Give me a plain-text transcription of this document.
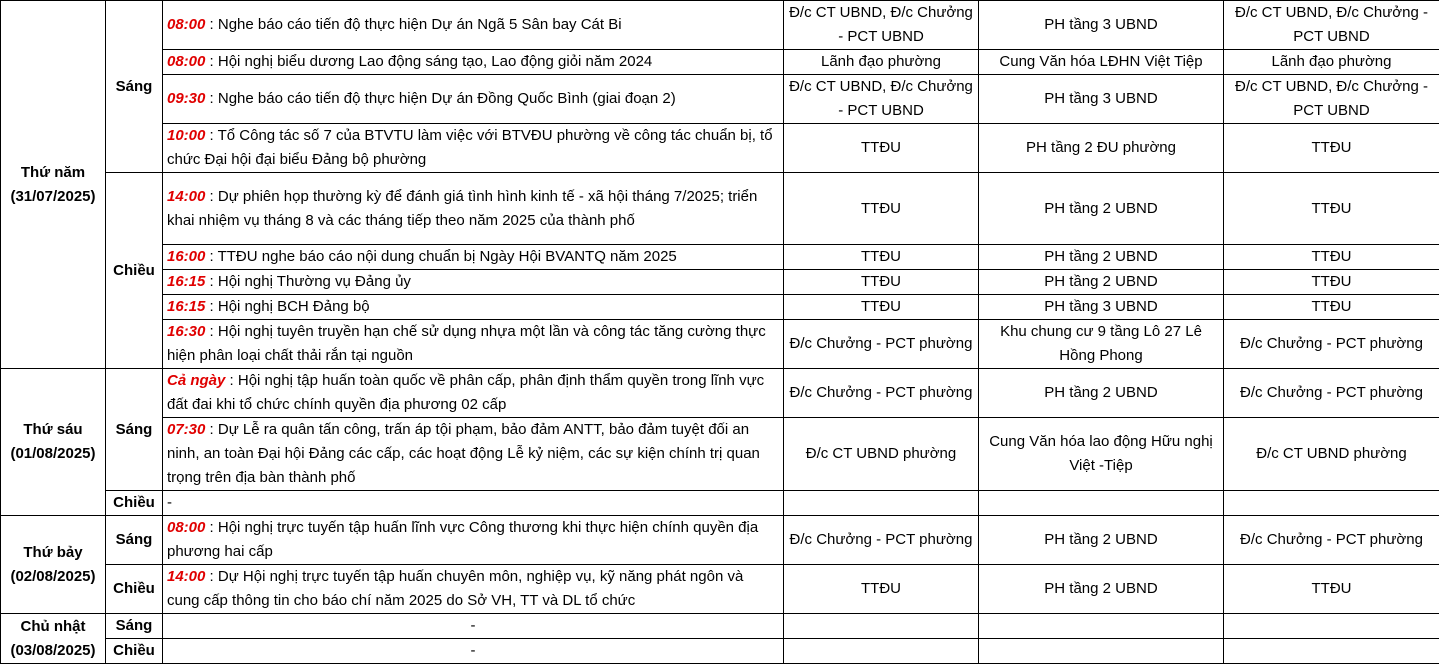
Thứ năm
(31/07/2025)	Sáng	08:00 : Nghe báo cáo tiến độ thực hiện Dự án Ngã 5 Sân bay Cát Bi	Đ/c CT UBND, Đ/c Chưởng - PCT UBND	PH tầng 3 UBND	Đ/c CT UBND, Đ/c Chưởng - PCT UBND
		08:00 : Hội nghị biểu dương Lao động sáng tạo, Lao động giỏi năm 2024	Lãnh đạo phường	Cung Văn hóa LĐHN Việt Tiệp	Lãnh đạo phường
		09:30 : Nghe báo cáo tiến độ thực hiện Dự án Đồng Quốc Bình (giai đoạn 2)	Đ/c CT UBND, Đ/c Chưởng - PCT UBND	PH tầng 3 UBND	Đ/c CT UBND, Đ/c Chưởng - PCT UBND
		10:00 : Tổ Công tác số 7 của BTVTU làm việc với BTVĐU phường về công tác chuẩn bị, tổ chức Đại hội đại biểu Đảng bộ phường	TTĐU	PH tầng 2 ĐU phường	TTĐU
	Chiều	14:00 : Dự phiên họp thường kỳ để đánh giá tình hình kinh tế - xã hội tháng 7/2025; triển khai nhiệm vụ tháng 8 và các tháng tiếp theo năm 2025 của thành phố	TTĐU	PH tầng 2 UBND	TTĐU
		16:00 : TTĐU nghe báo cáo nội dung chuẩn bị Ngày Hội BVANTQ năm 2025	TTĐU	PH tầng 2 UBND	TTĐU
		16:15 : Hội nghị Thường vụ Đảng ủy	TTĐU	PH tầng 2 UBND	TTĐU
		16:15 : Hội nghị BCH Đảng bộ	TTĐU	PH tầng 3 UBND	TTĐU
		16:30 : Hội nghị tuyên truyền hạn chế sử dụng nhựa một lần và công tác tăng cường thực hiện phân loại chất thải rắn tại nguồn	Đ/c Chưởng - PCT phường	Khu chung cư 9 tầng Lô 27 Lê Hồng Phong	Đ/c Chưởng - PCT phường
Thứ sáu
(01/08/2025)	Sáng	Cả ngày : Hội nghị tập huấn toàn quốc về phân cấp, phân định thẩm quyền trong lĩnh vực đất đai khi tổ chức chính quyền địa phương 02 cấp	Đ/c Chưởng - PCT phường	PH tầng 2 UBND	Đ/c Chưởng - PCT phường
		07:30 : Dự Lễ ra quân tấn công, trấn áp tội phạm, bảo đảm ANTT, bảo đảm tuyệt đối an ninh, an toàn Đại hội Đảng các cấp, các hoạt động Lễ kỷ niệm, các sự kiện chính trị quan trọng trên địa bàn thành phố	Đ/c CT UBND phường	Cung Văn hóa lao động Hữu nghị Việt -Tiệp	Đ/c CT UBND phường
	Chiều	-			
Thứ bảy
(02/08/2025)	Sáng	08:00 : Hội nghị trực tuyến tập huấn lĩnh vực Công thương khi thực hiện chính quyền địa phương hai cấp	Đ/c Chưởng - PCT phường	PH tầng 2 UBND	Đ/c Chưởng - PCT phường
	Chiều	14:00 : Dự Hội nghị trực tuyến tập huấn chuyên môn, nghiệp vụ, kỹ năng phát ngôn và cung cấp thông tin cho báo chí năm 2025 do Sở VH, TT và DL tổ chức	TTĐU	PH tầng 2 UBND	TTĐU
Chủ nhật
(03/08/2025)	Sáng	-			
	Chiều	-			
